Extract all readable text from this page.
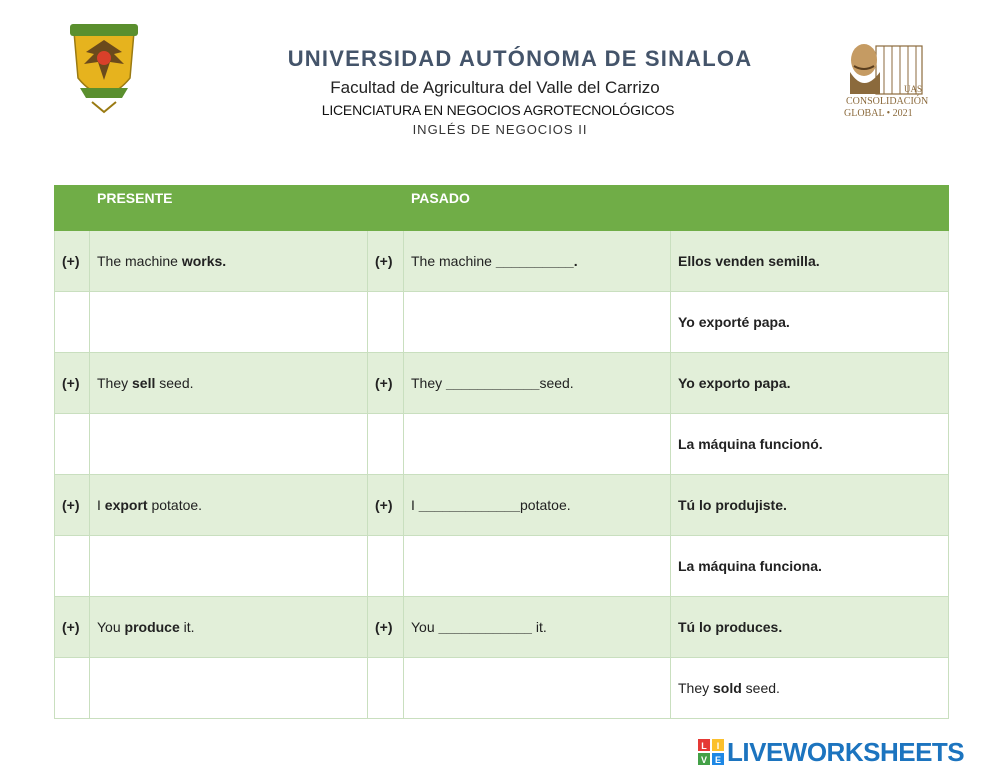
UNIVERSIDAD AUTÓNOMA DE SINALOA
Facultad de Agricultura del Valle del Carrizo
LICENCIATURA EN NEGOCIOS AGROTECNOLÓGICOS
INGLÉS DE NEGOCIOS II
UAS
CONSOLIDACIÓN
GLOBAL • 2021
	PRESENTE		PASADO	
(+)	The machine works.	(+)	The machine __________.	Ellos venden semilla.
				Yo exporté papa.
(+)	They sell seed.	(+)	They ____________seed.	Yo exporto papa.
				La máquina funcionó.
(+)	I export potatoe.	(+)	I _____________potatoe.	Tú lo produjiste.
				La máquina funciona.
(+)	You produce it.	(+)	You ____________ it.	Tú lo produces.
				They sold seed.
L I
V E LIVEWORKSHEETS
